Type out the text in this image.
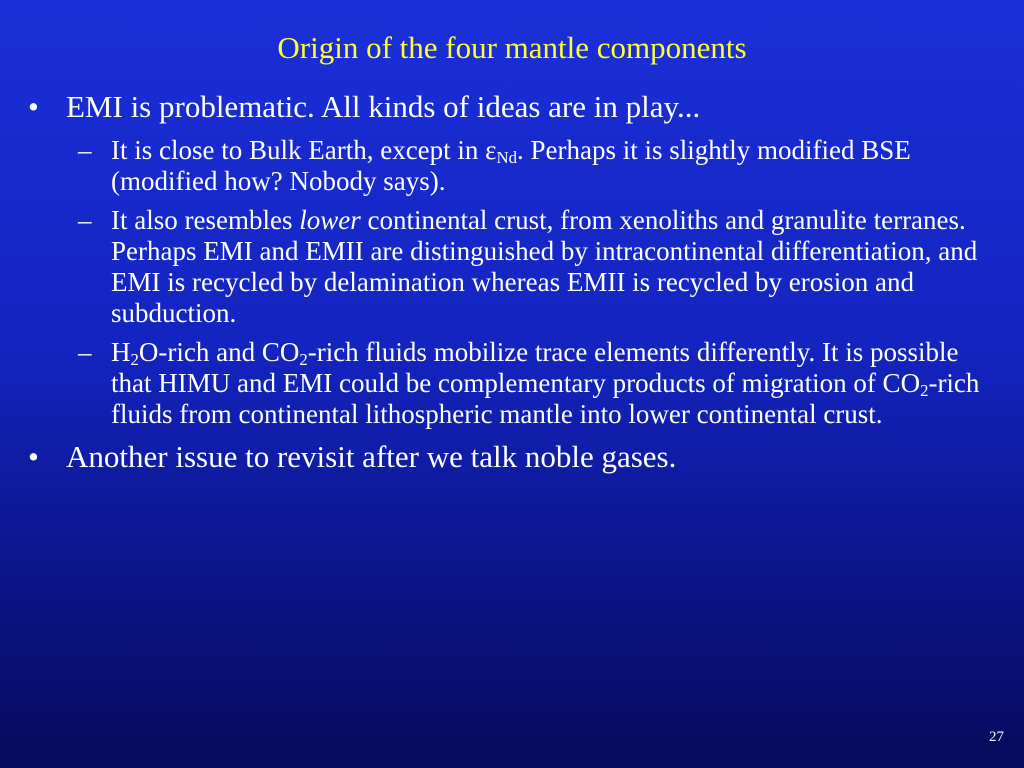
Origin of the four mantle components
• EMI is problematic. All kinds of ideas are in play...
– It is close to Bulk Earth, except in $\varepsilon_{Nd}$. Perhaps it is slightly modified BSE (modified how? Nobody says).
– It also resembles lower continental crust, from xenoliths and granulite terranes. Perhaps EMI and EMII are distinguished by intracontinental differentiation, and EMI is recycled by delamination whereas EMII is recycled by erosion and subduction.
– $H_2O$-rich and $CO_2$-rich fluids mobilize trace elements differently. It is possible that HIMU and EMI could be complementary products of migration of $CO_2$-rich fluids from continental lithospheric mantle into lower continental crust.
• Another issue to revisit after we talk noble gases.
27
